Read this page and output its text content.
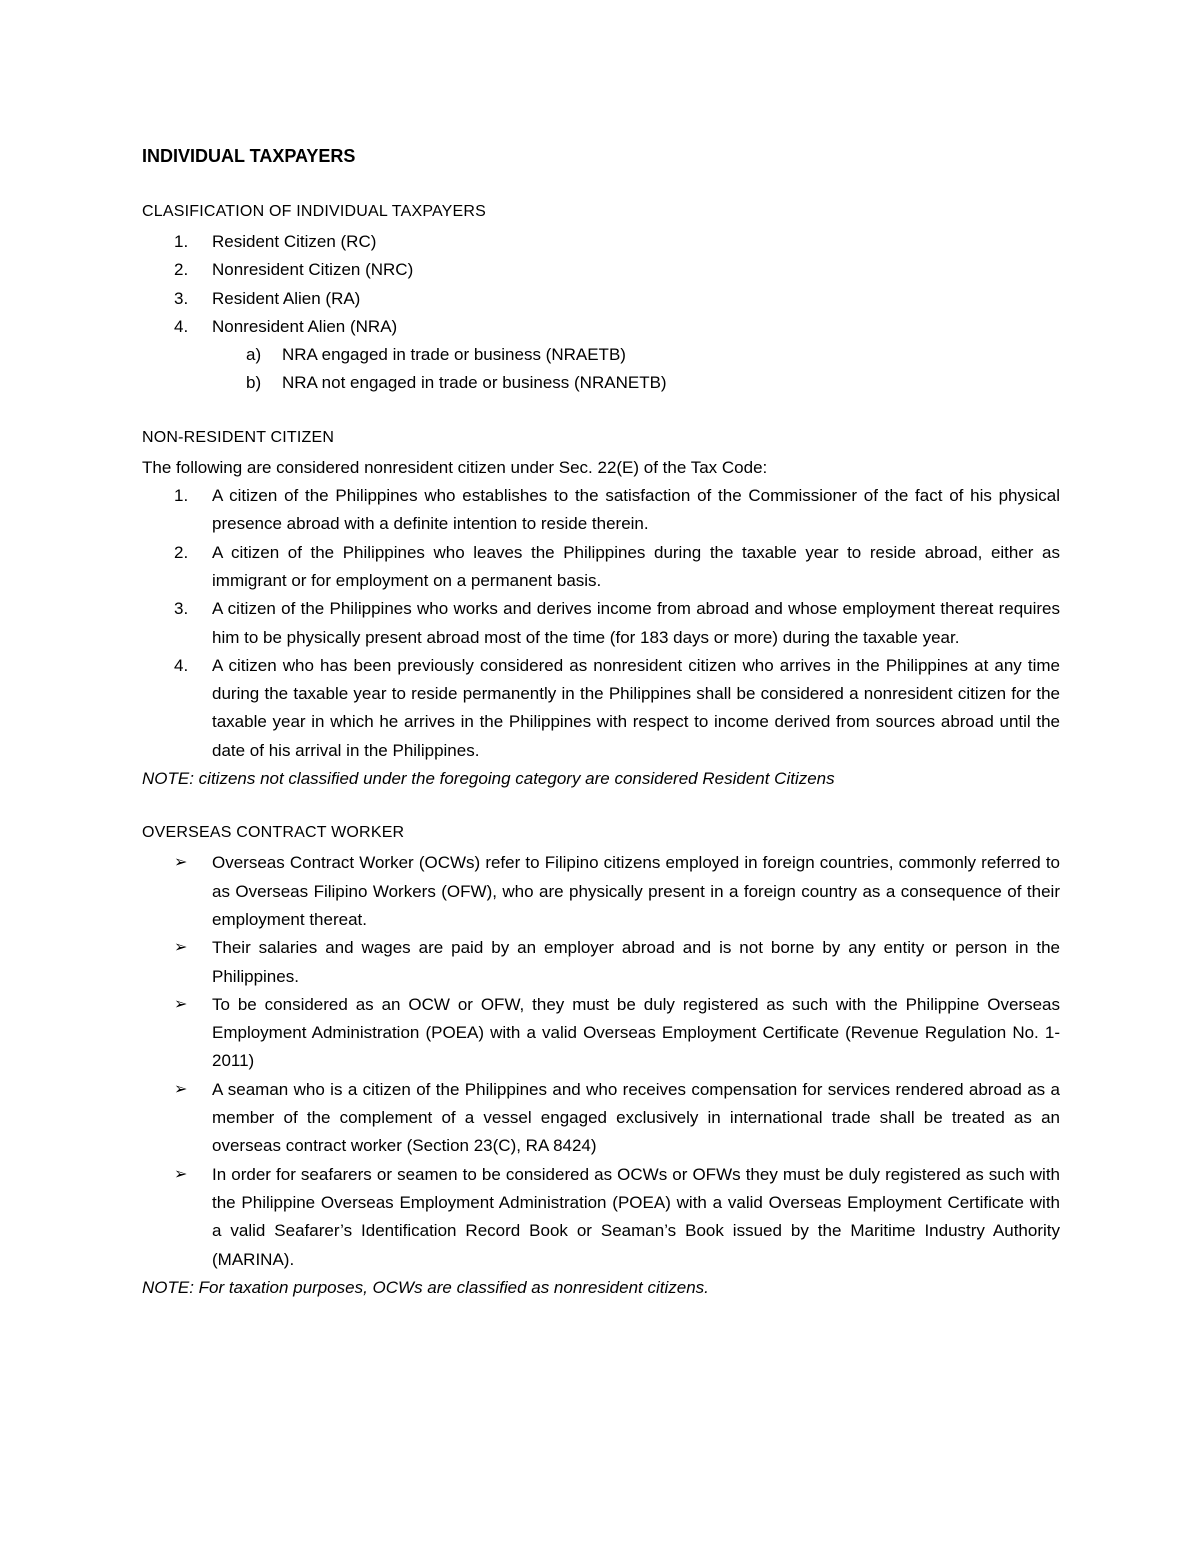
INDIVIDUAL TAXPAYERS

CLASIFICATION OF INDIVIDUAL TAXPAYERS

1.	Resident Citizen (RC)
2.	Nonresident Citizen (NRC)
3.	Resident Alien (RA)
4.	Nonresident Alien (NRA)
a) NRA engaged in trade or business (NRAETB)
b) NRA not engaged in trade or business (NRANETB)

NON-RESIDENT CITIZEN

The following are considered nonresident citizen under Sec. 22(E) of the Tax Code:

1.	A citizen of the Philippines who establishes to the satisfaction of the Commissioner of the fact of his physical presence abroad with a definite intention to reside therein.
2.	A citizen of the Philippines who leaves the Philippines during the taxable year to reside abroad, either as immigrant or for employment on a permanent basis.
3.	A citizen of the Philippines who works and derives income from abroad and whose employment thereat requires him to be physically present abroad most of the time (for 183 days or more) during the taxable year.
4.	A citizen who has been previously considered as nonresident citizen who arrives in the Philippines at any time during the taxable year to reside permanently in the Philippines shall be considered a nonresident citizen for the taxable year in which he arrives in the Philippines with respect to income derived from sources abroad until the date of his arrival in the Philippines.

NOTE: citizens not classified under the foregoing category are considered Resident Citizens

OVERSEAS CONTRACT WORKER

➢ Overseas Contract Worker (OCWs) refer to Filipino citizens employed in foreign countries, commonly referred to as Overseas Filipino Workers (OFW), who are physically present in a foreign country as a consequence of their employment thereat.
➢ Their salaries and wages are paid by an employer abroad and is not borne by any entity or person in the Philippines.
➢ To be considered as an OCW or OFW, they must be duly registered as such with the Philippine Overseas Employment Administration (POEA) with a valid Overseas Employment Certificate (Revenue Regulation No. 1-2011)
➢ A seaman who is a citizen of the Philippines and who receives compensation for services rendered abroad as a member of the complement of a vessel engaged exclusively in international trade shall be treated as an overseas contract worker (Section 23(C), RA 8424)
➢ In order for seafarers or seamen to be considered as OCWs or OFWs they must be duly registered as such with the Philippine Overseas Employment Administration (POEA) with a valid Overseas Employment Certificate with a valid Seafarer’s Identification Record Book or Seaman’s Book issued by the Maritime Industry Authority (MARINA).

NOTE: For taxation purposes, OCWs are classified as nonresident citizens.
